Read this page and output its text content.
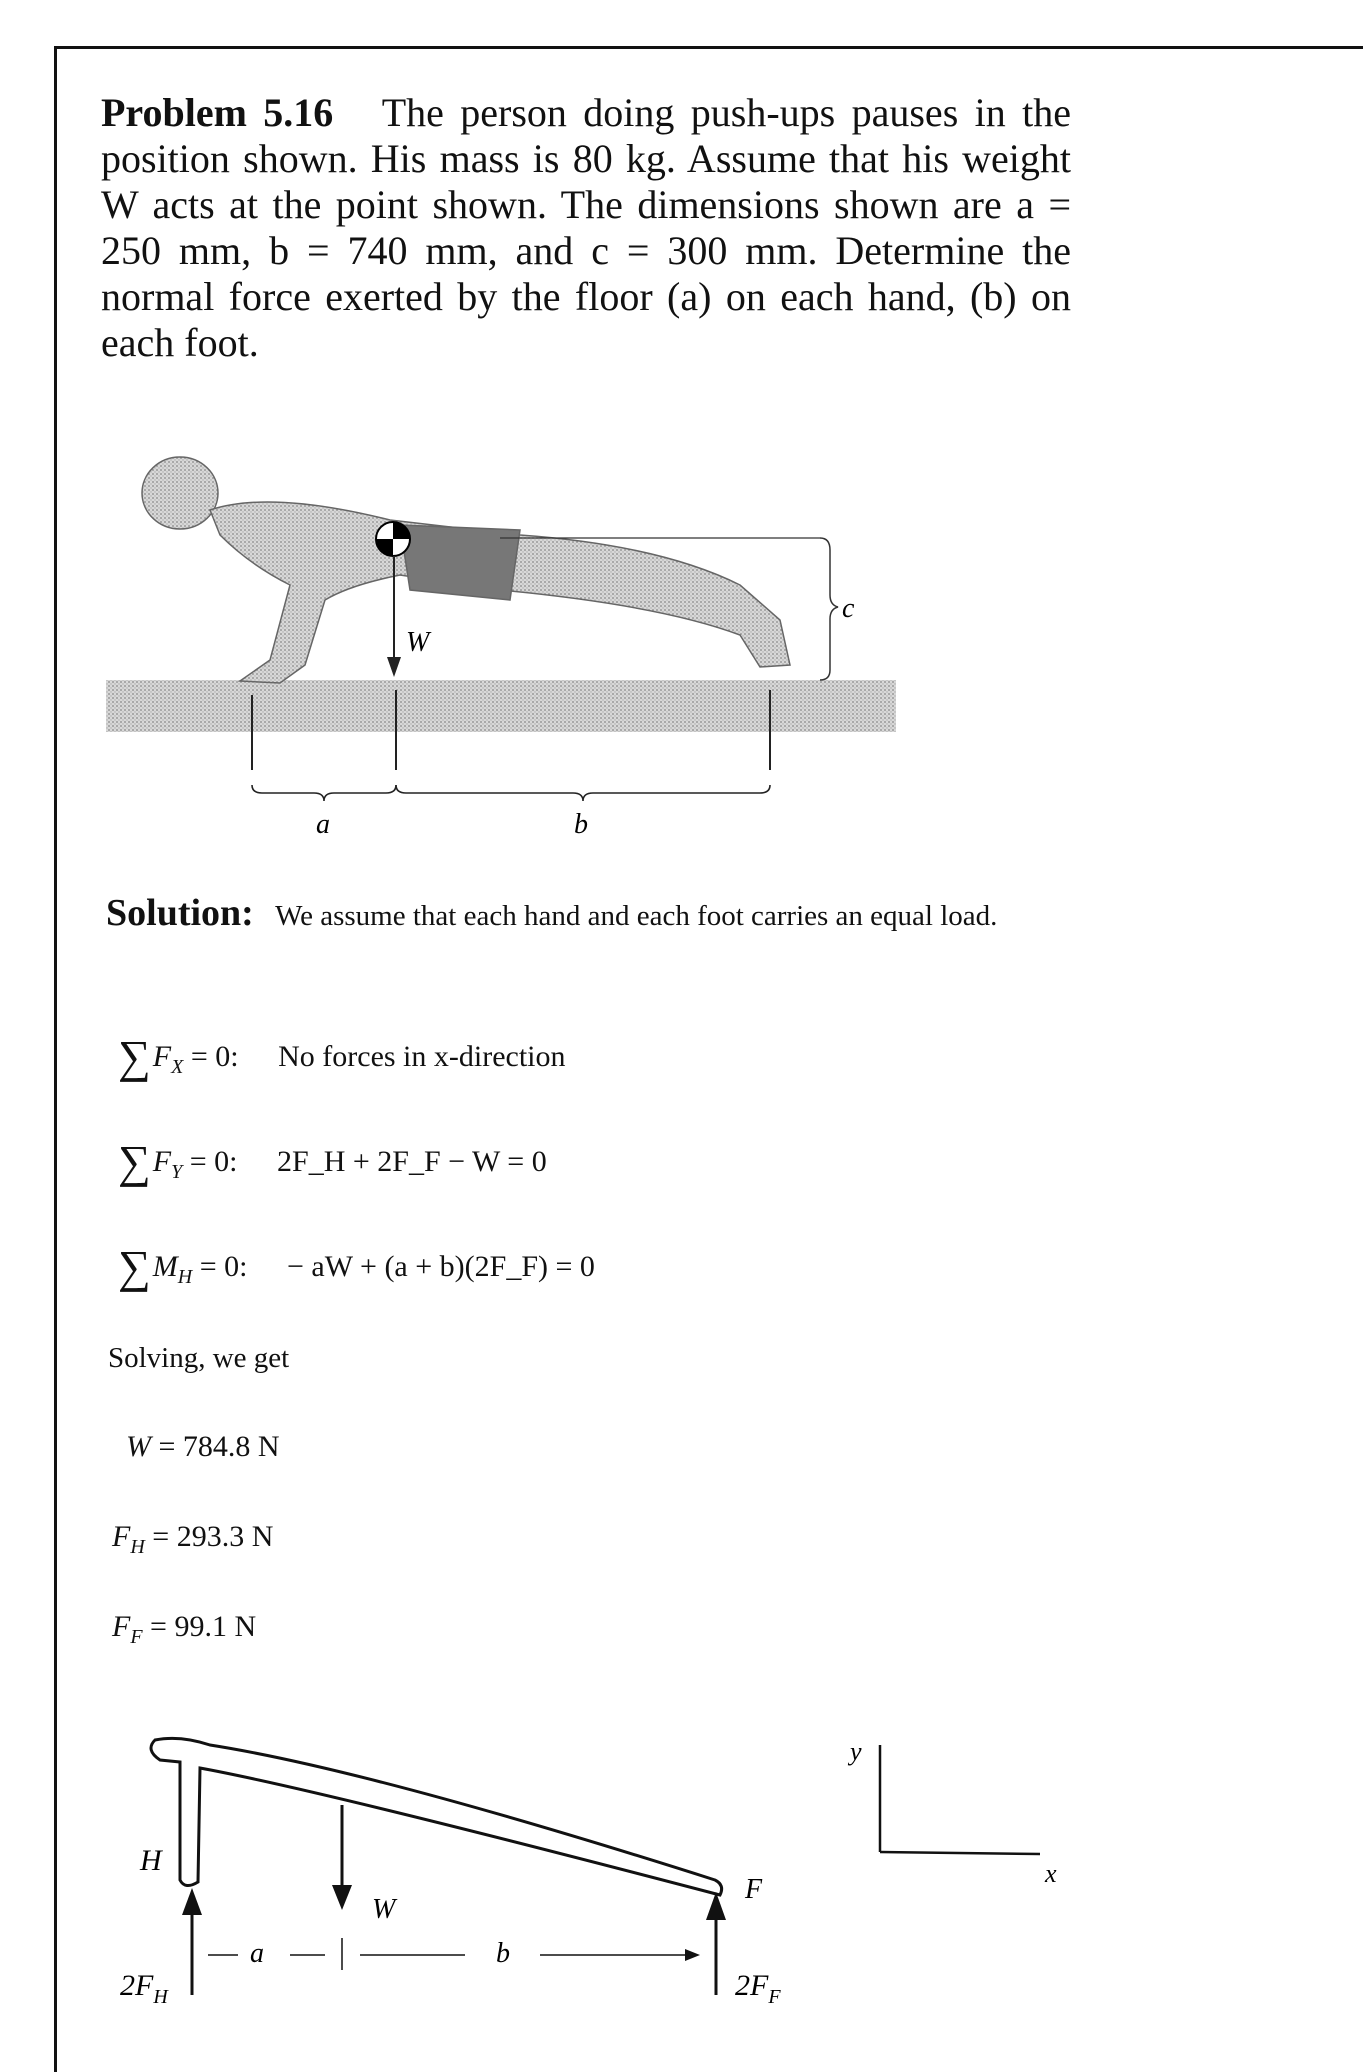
Problem 5.16 The person doing push-ups pauses in the position shown. His mass is 80 kg. Assume that his weight W acts at the point shown. The dimensions shown are a = 250 mm, b = 740 mm, and c = 300 mm. Determine the normal force exerted by the floor (a) on each hand, (b) on each foot.
W
c
a	b
Solution: We assume that each hand and each foot carries an equal load.
$\sum F_X = 0$: No forces in x-direction
$\sum F_Y = 0$: 2F_H + 2F_F − W = 0
$\sum M_H = 0$: − aW + (a + b)(2F_F) = 0
Solving, we get
W = 784.8 N
$F_H = 293.3$ N
$F_F = 99.1$ N
H
W
$2F_H$
F
$2F_F$
a	b
y
x
